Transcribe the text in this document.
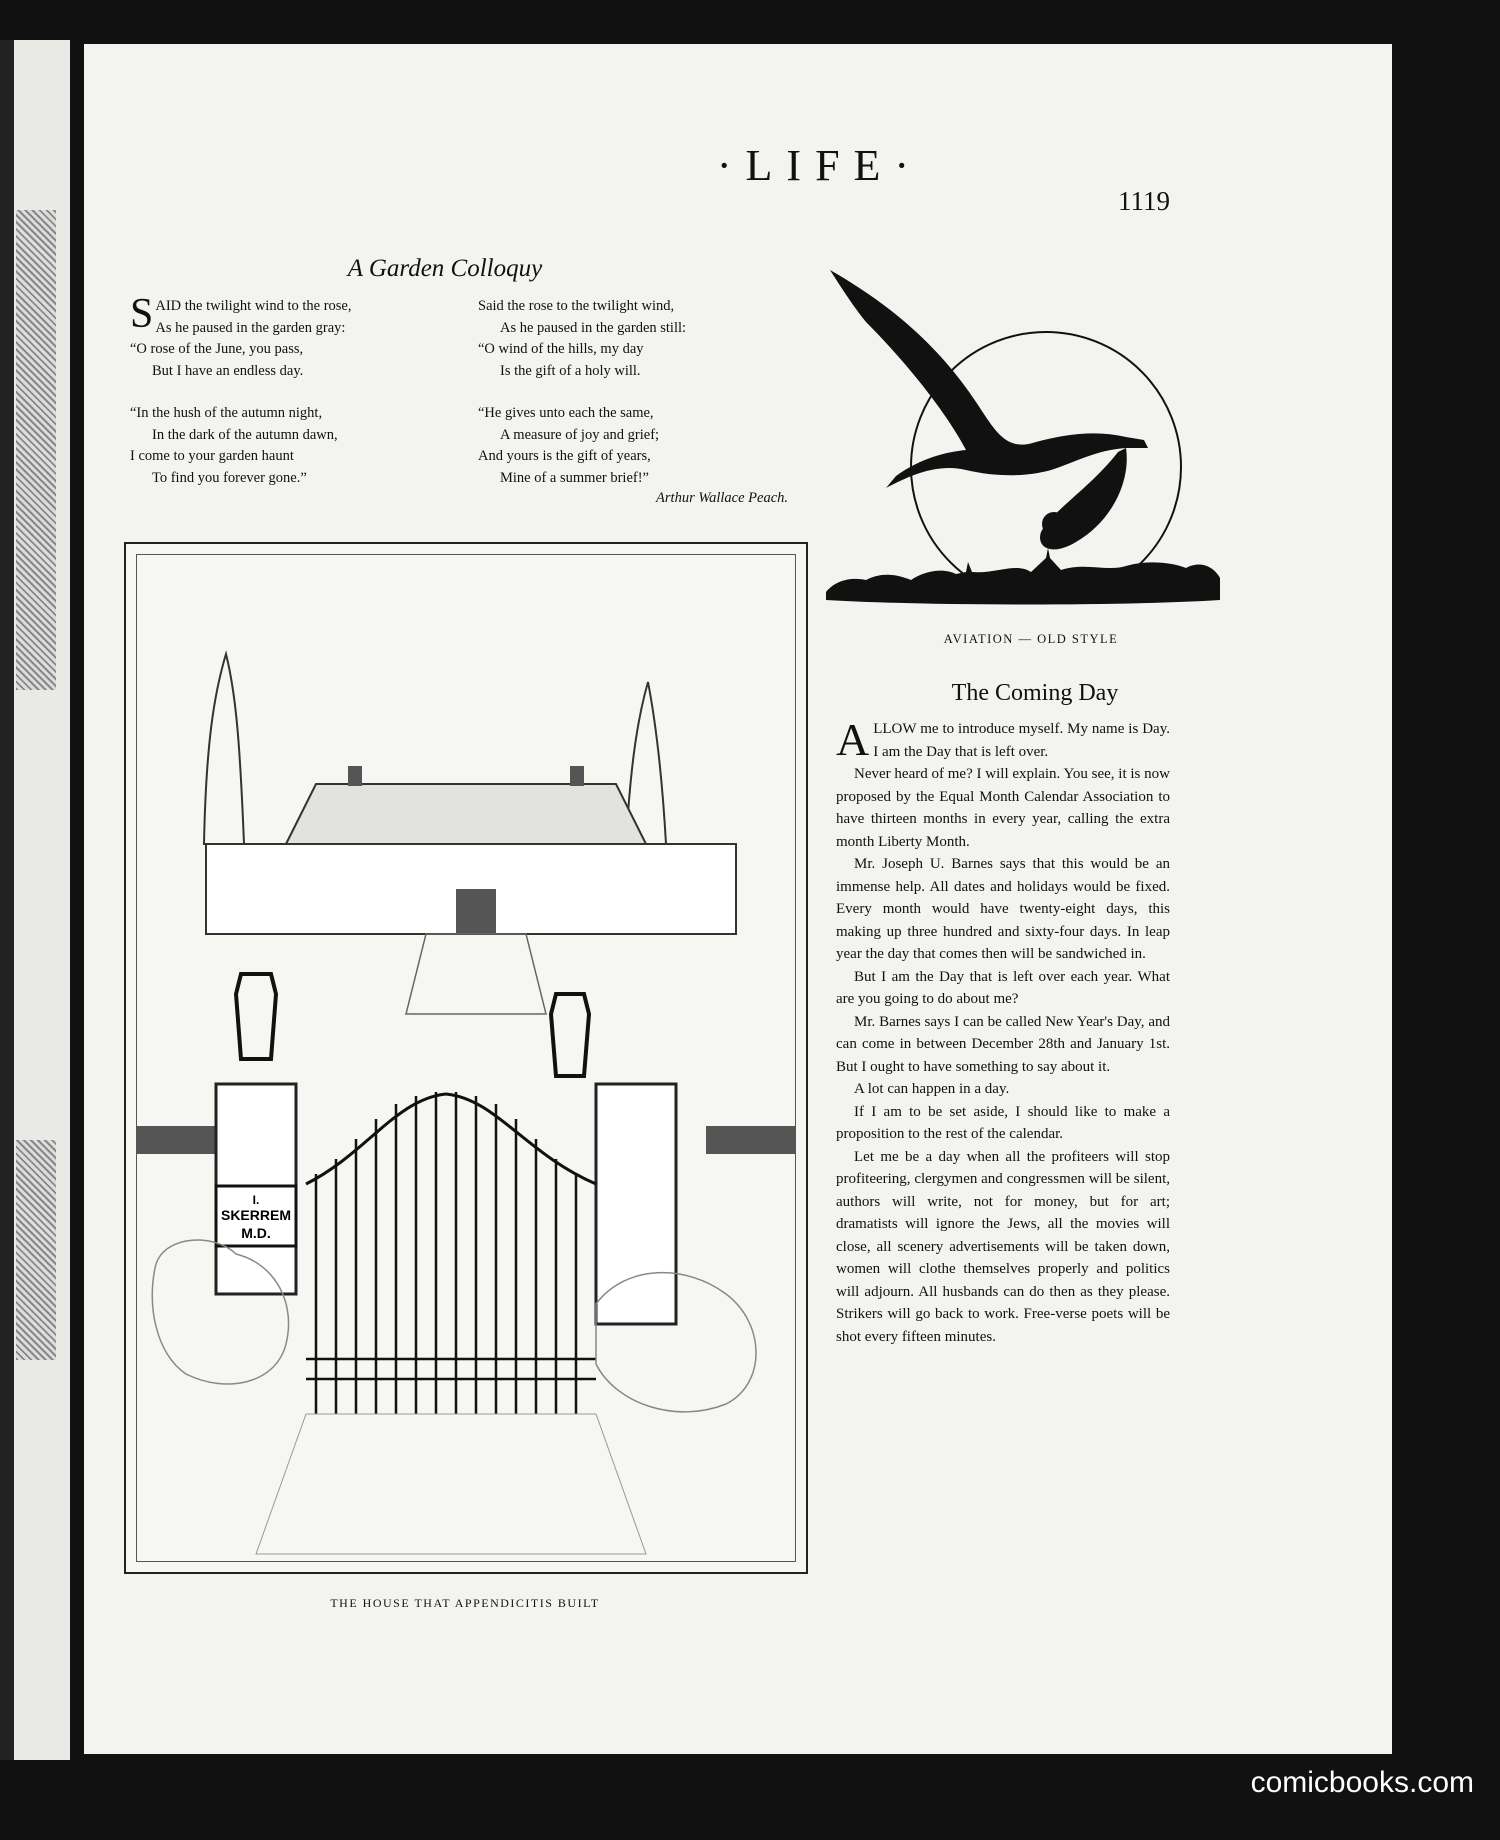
·LIFE·
1119
A Garden Colloquy
S AID the twilight wind to the rose,
As he paused in the garden gray:
“O rose of the June, you pass,
But I have an endless day.
Said the rose to the twilight wind,
As he paused in the garden still:
“O wind of the hills, my day
Is the gift of a holy will.
“In the hush of the autumn night,
In the dark of the autumn dawn,
I come to your garden haunt
To find you forever gone.”
“He gives unto each the same,
A measure of joy and grief;
And yours is the gift of years,
Mine of a summer brief!”
Arthur Wallace Peach.
AVIATION — OLD STYLE
I.
SKERREM
M.D.
THE HOUSE THAT APPENDICITIS BUILT
The Coming Day

ALLOW me to introduce myself. My name is Day. I am the Day that is left over.

Never heard of me? I will explain. You see, it is now proposed by the Equal Month Calendar Association to have thirteen months in every year, calling the extra month Liberty Month.

Mr. Joseph U. Barnes says that this would be an immense help. All dates and holidays would be fixed. Every month would have twenty-eight days, this making up three hundred and sixty-four days. In leap year the day that comes then will be sandwiched in.

But I am the Day that is left over each year. What are you going to do about me?

Mr. Barnes says I can be called New Year's Day, and can come in between December 28th and January 1st. But I ought to have something to say about it.

A lot can happen in a day.

If I am to be set aside, I should like to make a proposition to the rest of the calendar.

Let me be a day when all the profiteers will stop profiteering, clergymen and congressmen will be silent, authors will write, not for money, but for art; dramatists will ignore the Jews, all the movies will close, all scenery advertisements will be taken down, women will clothe themselves properly and politics will adjourn. All husbands can do then as they please. Strikers will go back to work. Free-verse poets will be shot every fifteen minutes.

comicbooks.com
